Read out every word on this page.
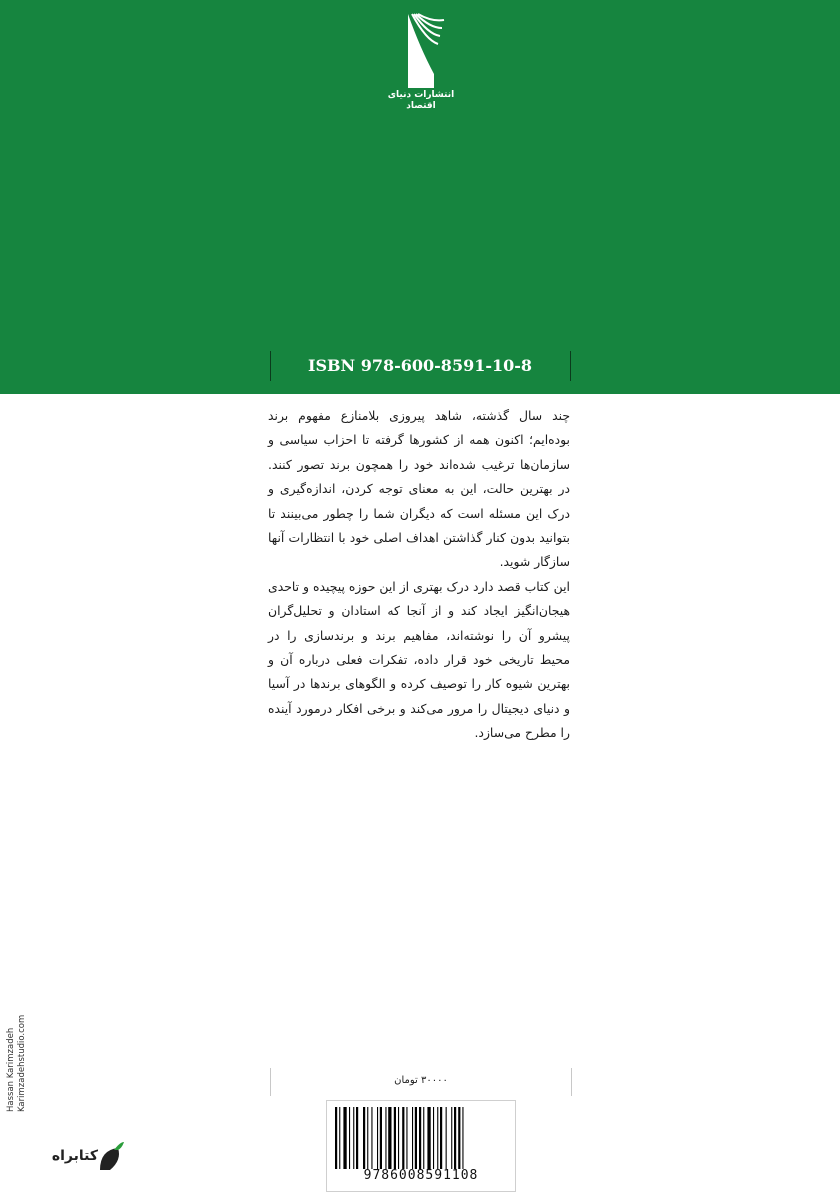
انتشارات دنیای اقتصاد
ISBN 978-600-8591-10-8

چند سال گذشته، شاهد پیروزی بلامنازع مفهوم برند بوده‌ایم؛ اکنون همه از کشورها گرفته تا احزاب سیاسی و سازمان‌ها ترغیب شده‌اند خود را همچون برند تصور کنند. در بهترین حالت، این به معنای توجه کردن، اندازه‌گیری و درک این مسئله است که دیگران شما را چطور می‌بینند تا بتوانید بدون کنار گذاشتن اهداف اصلی خود با انتظارات آنها سازگار شوید.

این کتاب قصد دارد درک بهتری از این حوزه پیچیده و تاحدی هیجان‌انگیز ایجاد کند و از آنجا که استادان و تحلیل‌گران پیشرو آن را نوشته‌اند، مفاهیم برند و برندسازی را در محیط تاریخی خود قرار داده، تفکرات فعلی درباره آن و بهترین شیوه کار را توصیف کرده و الگوهای برندها در آسیا و دنیای دیجیتال را مرور می‌کند و برخی افکار درمورد آینده را مطرح می‌سازد.

Hassan Karimzadeh Karimzadehstudio.com	۳۰۰۰۰ تومان
9786008591108
کتابراه
